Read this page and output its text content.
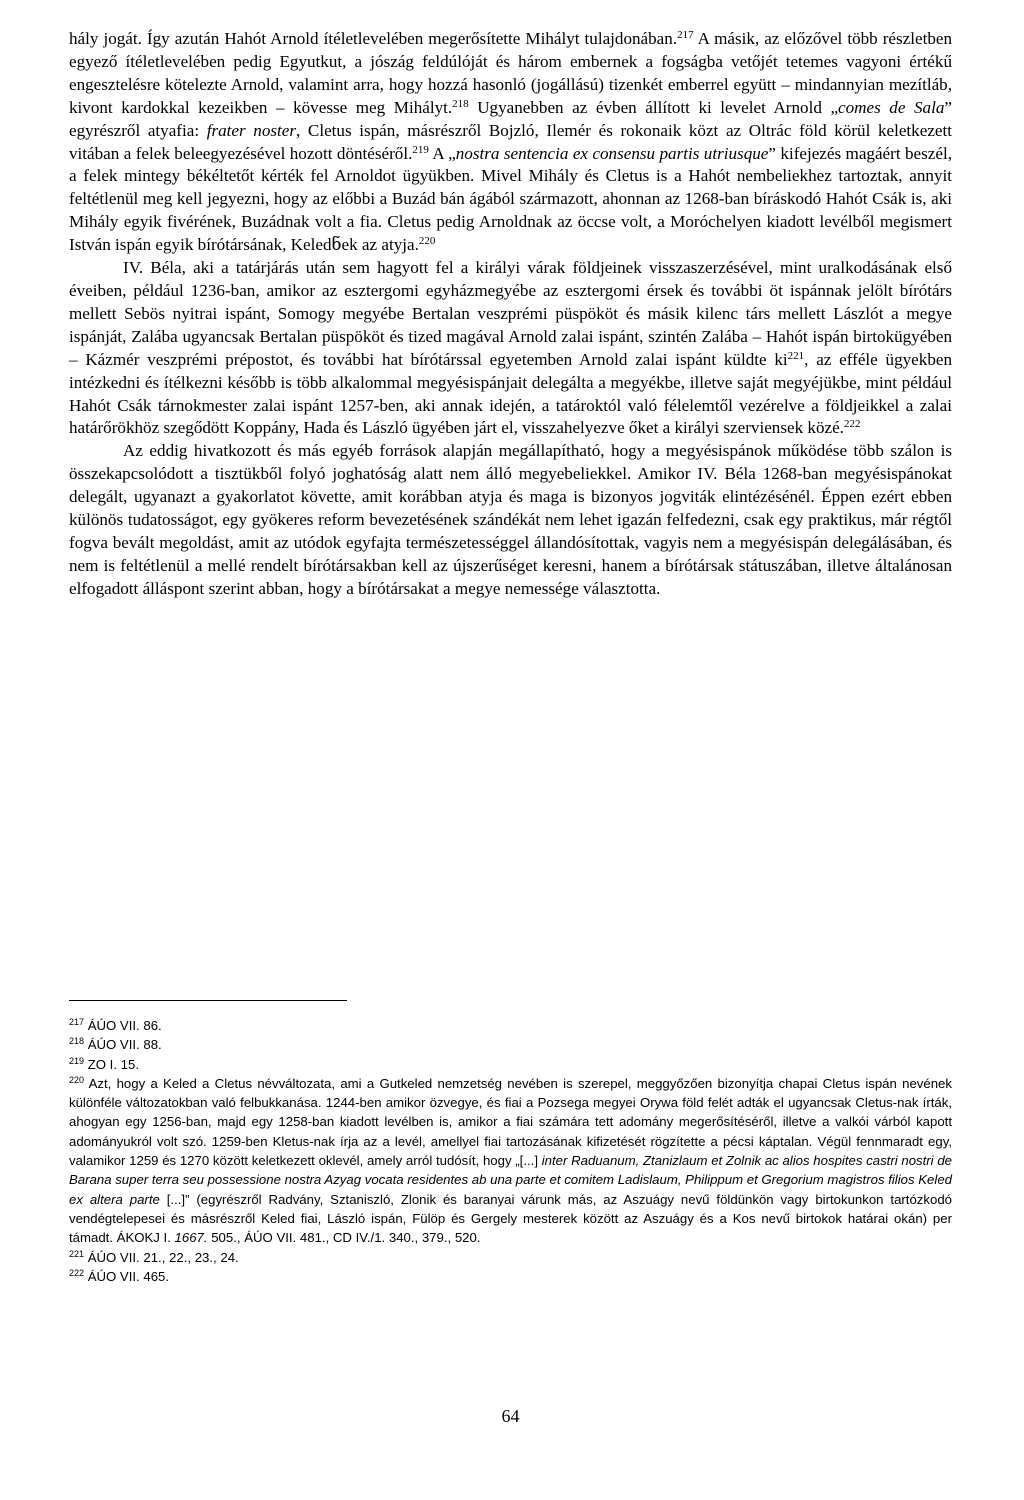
hály jogát. Így azután Hahót Arnold ítéletlevelében megerősítette Mihályt tulajdonában.$^{217}$ A másik, az előzővel több részletben egyező ítéletlevelében pedig Egyutkut, a jószág feldúlóját és három embernek a fogságba vetőjét tetemes vagyoni értékű engesztelésre kötelezte Arnold, valamint arra, hogy hozzá hasonló (jogállású) tizenkét emberrel együtt – mindannyian mezítláb, kivont kardokkal kezeikben – kövesse meg Mihályt.$^{218}$ Ugyanebben az évben állított ki levelet Arnold „comes de Sala” egyrészről atyafia: frater noster, Cletus ispán, másrészről Bojzló, Ilemér és rokonaik közt az Oltrác föld körül keletkezett vitában a felek beleegyezésével hozott döntéséről.$^{219}$ A „nostra sentencia ex consensu partis utriusque” kifejezés magáért beszél, a felek mintegy békéltetőt kérték fel Arnoldot ügyükben. Mivel Mihály és Cletus is a Hahót nembeliekhez tartoztak, annyit feltétlenül meg kell jegyezni, hogy az előbbi a Buzád bán ágából származott, ahonnan az 1268-ban bíráskodó Hahót Csák is, aki Mihály egyik fivérének, Buzádnak volt a fia. Cletus pedig Arnoldnak az öccse volt, a Moróchelyen kiadott levélből megismert István ispán egyik bírótársának, Keledნek az atyja.$^{220}$

IV. Béla, aki a tatárjárás után sem hagyott fel a királyi várak földjeinek visszaszerzésével, mint uralkodásának első éveiben, például 1236-ban, amikor az esztergomi egyházmegyébe az esztergomi érsek és további öt ispánnak jelölt bírótárs mellett Sebös nyitrai ispánt, Somogy megyébe Bertalan veszprémi püspököt és másik kilenc társ mellett Lászlót a megye ispánját, Zalába ugyancsak Bertalan püspököt és tized magával Arnold zalai ispánt, szintén Zalába – Hahót ispán birtokügyében – Kázmér veszprémi prépostot, és további hat bírótárssal egyetemben Arnold zalai ispánt küldte $ki^{221}$, az efféle ügyekben intézkedni és ítélkezni később is több alkalommal megyésispánjait delegálta a megyékbe, illetve saját megyéjükbe, mint például Hahót Csák tárnokmester zalai ispánt 1257-ben, aki annak idején, a tatároktól való félelemtől vezérelve a földjeikkel a zalai határőrökhöz szegődött Koppány, Hada és László ügyében járt el, visszahelyezve őket a királyi szerviensek közé.$^{222}$

Az eddig hivatkozott és más egyéb források alapján megállapítható, hogy a megyésispánok működése több szálon is összekapcsolódott a tisztükből folyó joghatóság alatt nem álló megyebeliekkel. Amikor IV. Béla 1268-ban megyésispánokat delegált, ugyanazt a gyakorlatot követte, amit korábban atyja és maga is bizonyos jogviták elintézésénél. Éppen ezért ebben különös tudatosságot, egy gyökeres reform bevezetésének szándékát nem lehet igazán felfedezni, csak egy praktikus, már régtől fogva bevált megoldást, amit az utódok egyfajta természetességgel állandósítottak, vagyis nem a megyésispán delegálásában, és nem is feltétlenül a mellé rendelt bírótársakban kell az újszerűséget keresni, hanem a bírótársak státuszában, illetve általánosan elfogadott álláspont szerint abban, hogy a bírótársakat a megye nemessége választotta.

$^{217}$ ÁÚO VII. 86.

$^{218}$ ÁÚO VII. 88.

$^{219}$ ZO I. 15.

$^{220}$ Azt, hogy a Keled a Cletus névváltozata, ami a Gutkeled nemzetség nevében is szerepel, meggyőzően bizonyítja chapai Cletus ispán nevének különféle változatokban való felbukkanása. 1244-ben amikor özvegye, és fiai a Pozsega megyei Orywa föld felét adták el ugyancsak Cletus-nak írták, ahogyan egy 1256-ban, majd egy 1258-ban kiadott levélben is, amikor a fiai számára tett adomány megerősítéséről, illetve a valkói várból kapott adományukról volt szó. 1259-ben Kletus-nak írja az a levél, amellyel fiai tartozásának kifizetését rögzítette a pécsi káptalan. Végül fennmaradt egy, valamikor 1259 és 1270 között keletkezett oklevél, amely arról tudósít, hogy „[...] inter Raduanum, Ztanizlaum et Zolnik ac alios hospites castri nostri de Barana super terra seu possessione nostra Azyag vocata residentes ab una parte et comitem Ladislaum, Philippum et Gregorium magistros filios Keled ex altera parte [...]” (egyrészről Radvány, Sztaniszló, Zlonik és baranyai várunk más, az Aszuágy nevű földünkön vagy birtokunkon tartózkodó vendégtelepesei és másrészről Keled fiai, László ispán, Fülöp és Gergely mesterek között az Aszuágy és a Kos nevű birtokok határai okán) per támadt. ÁKOKJ I. 1667. 505., ÁÚO VII. 481., CD IV./1. 340., 379., 520.

$^{221}$ ÁÚO VII. 21., 22., 23., 24.

$^{222}$ ÁÚO VII. 465.

64
